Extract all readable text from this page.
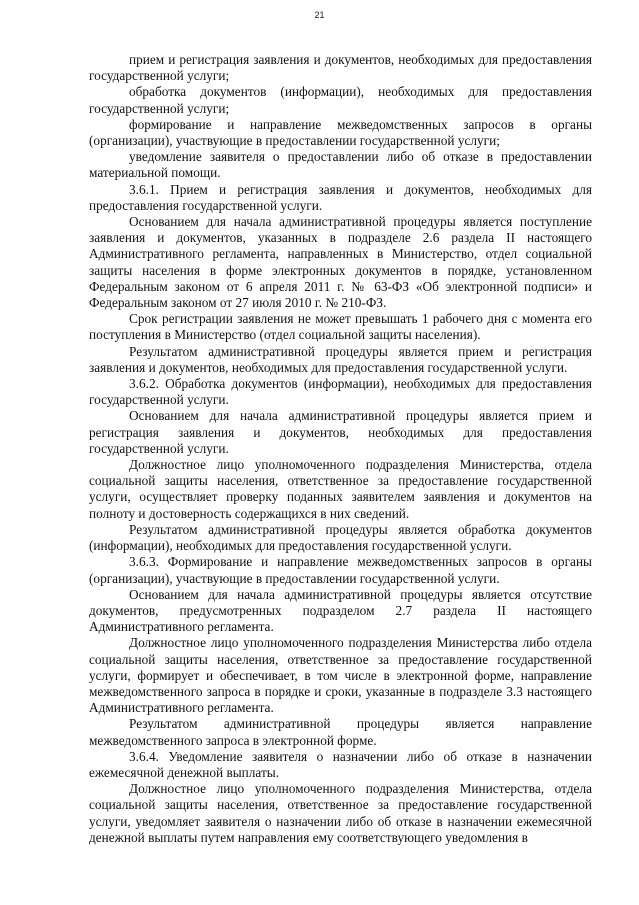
21

прием и регистрация заявления и документов, необходимых для предоставления государственной услуги;

обработка документов (информации), необходимых для предоставления государственной услуги;

формирование и направление межведомственных запросов в органы (организации), участвующие в предоставлении государственной услуги;

уведомление заявителя о предоставлении либо об отказе в предоставлении материальной помощи.

3.6.1. Прием и регистрация заявления и документов, необходимых для предоставления государственной услуги.

Основанием для начала административной процедуры является поступление заявления и документов, указанных в подразделе 2.6 раздела II настоящего Административного регламента, направленных в Министерство, отдел социальной защиты населения в форме электронных документов в порядке, установленном Федеральным законом от 6 апреля 2011 г. № 63-ФЗ «Об электронной подписи» и Федеральным законом от 27 июля 2010 г. № 210-ФЗ.

Срок регистрации заявления не может превышать 1 рабочего дня с момента его поступления в Министерство (отдел социальной защиты населения).

Результатом административной процедуры является прием и регистрация заявления и документов, необходимых для предоставления государственной услуги.

3.6.2. Обработка документов (информации), необходимых для предоставления государственной услуги.

Основанием для начала административной процедуры является прием и регистрация заявления и документов, необходимых для предоставления государственной услуги.

Должностное лицо уполномоченного подразделения Министерства, отдела социальной защиты населения, ответственное за предоставление государственной услуги, осуществляет проверку поданных заявителем заявления и документов на полноту и достоверность содержащихся в них сведений.

Результатом административной процедуры является обработка документов (информации), необходимых для предоставления государственной услуги.

3.6.3. Формирование и направление межведомственных запросов в органы (организации), участвующие в предоставлении государственной услуги.

Основанием для начала административной процедуры является отсутствие документов, предусмотренных подразделом 2.7 раздела II настоящего Административного регламента.

Должностное лицо уполномоченного подразделения Министерства либо отдела социальной защиты населения, ответственное за предоставление государственной услуги, формирует и обеспечивает, в том числе в электронной форме, направление межведомственного запроса в порядке и сроки, указанные в подразделе 3.3 настоящего Административного регламента.

Результатом административной процедуры является направление межведомственного запроса в электронной форме.

3.6.4. Уведомление заявителя о назначении либо об отказе в назначении ежемесячной денежной выплаты.

Должностное лицо уполномоченного подразделения Министерства, отдела социальной защиты населения, ответственное за предоставление государственной услуги, уведомляет заявителя о назначении либо об отказе в назначении ежемесячной денежной выплаты путем направления ему соответствующего уведомления в
